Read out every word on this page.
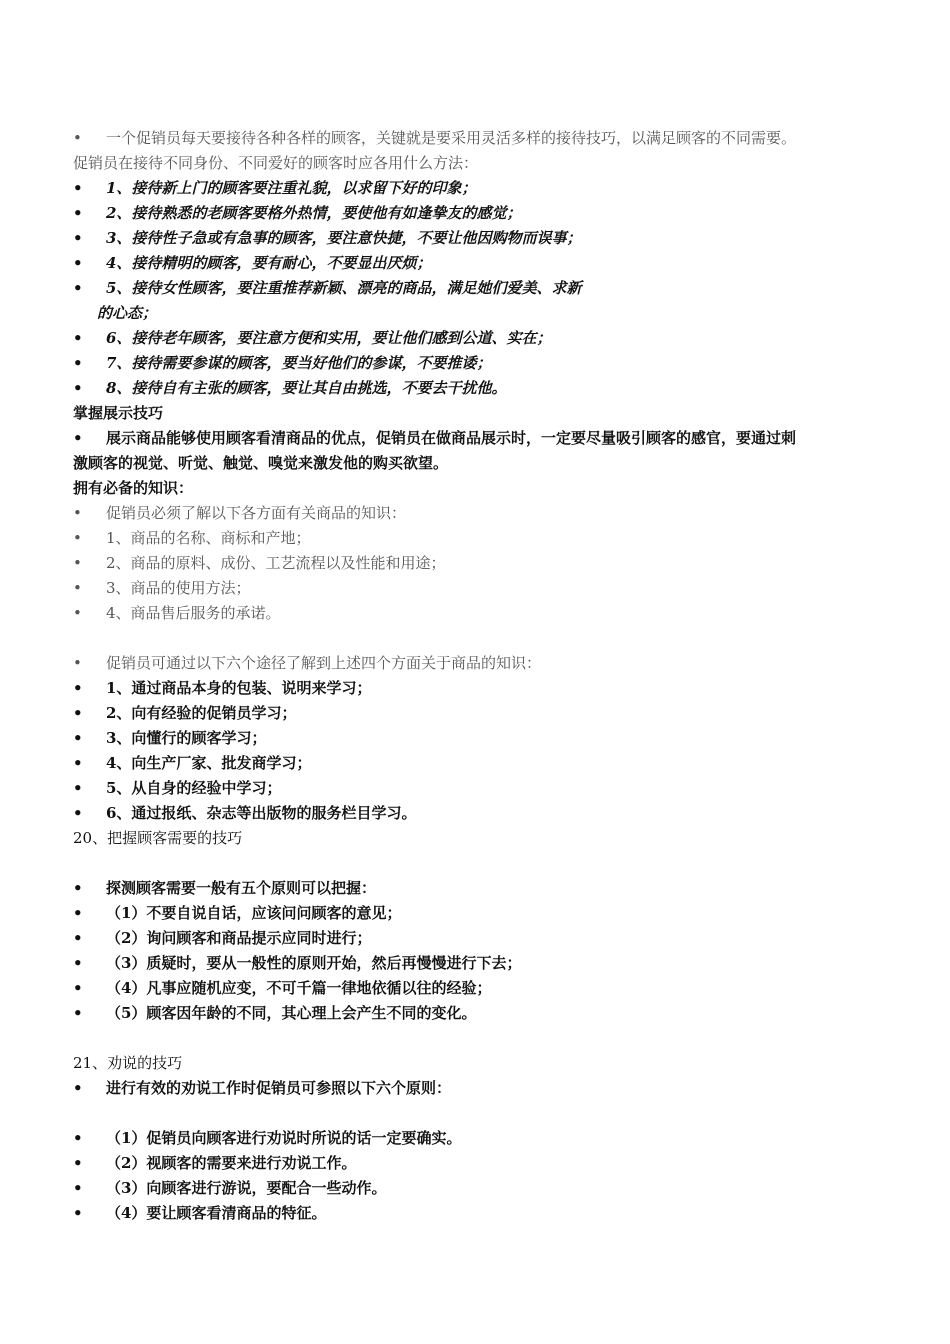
•	一个促销员每天要接待各种各样的顾客，关键就是要采用灵活多样的接待技巧，以满足顾客的不同需要。
促销员在接待不同身份、不同爱好的顾客时应各用什么方法：
•	1、接待新上门的顾客要注重礼貌，以求留下好的印象；
•	2、接待熟悉的老顾客要格外热情，要使他有如逢挚友的感觉；
•	3、接待性子急或有急事的顾客，要注意快捷，不要让他因购物而误事；
•	4、接待精明的顾客，要有耐心，不要显出厌烦；
•	5、接待女性顾客，要注重推荐新颖、漂亮的商品，满足她们爱美、求新
的心态；
•	6、接待老年顾客，要注意方便和实用，要让他们感到公道、实在；
•	7、接待需要参谋的顾客，要当好他们的参谋，不要推诿；
•	8、接待自有主张的顾客，要让其自由挑选，不要去干扰他。
掌握展示技巧
•	展示商品能够使用顾客看清商品的优点，促销员在做商品展示时，一定要尽量吸引顾客的感官，要通过刺
激顾客的视觉、听觉、触觉、嗅觉来激发他的购买欲望。
拥有必备的知识：
•	促销员必须了解以下各方面有关商品的知识：
•	1、商品的名称、商标和产地；
•	2、商品的原料、成份、工艺流程以及性能和用途；
•	3、商品的使用方法；
•	4、商品售后服务的承诺。
•	促销员可通过以下六个途径了解到上述四个方面关于商品的知识：
•	1、通过商品本身的包装、说明来学习；
•	2、向有经验的促销员学习；
•	3、向懂行的顾客学习；
•	4、向生产厂家、批发商学习；
•	5、从自身的经验中学习；
•	6、通过报纸、杂志等出版物的服务栏目学习。
20、把握顾客需要的技巧
•	探测顾客需要一般有五个原则可以把握：
•	（1）不要自说自话，应该问问顾客的意见；
•	（2）询问顾客和商品提示应同时进行；
•	（3）质疑时，要从一般性的原则开始，然后再慢慢进行下去；
•	（4）凡事应随机应变，不可千篇一律地依循以往的经验；
•	（5）顾客因年龄的不同，其心理上会产生不同的变化。
21、劝说的技巧
•	进行有效的劝说工作时促销员可参照以下六个原则：
•	（1）促销员向顾客进行劝说时所说的话一定要确实。
•	（2）视顾客的需要来进行劝说工作。
•	（3）向顾客进行游说，要配合一些动作。
•	（4）要让顾客看清商品的特征。
